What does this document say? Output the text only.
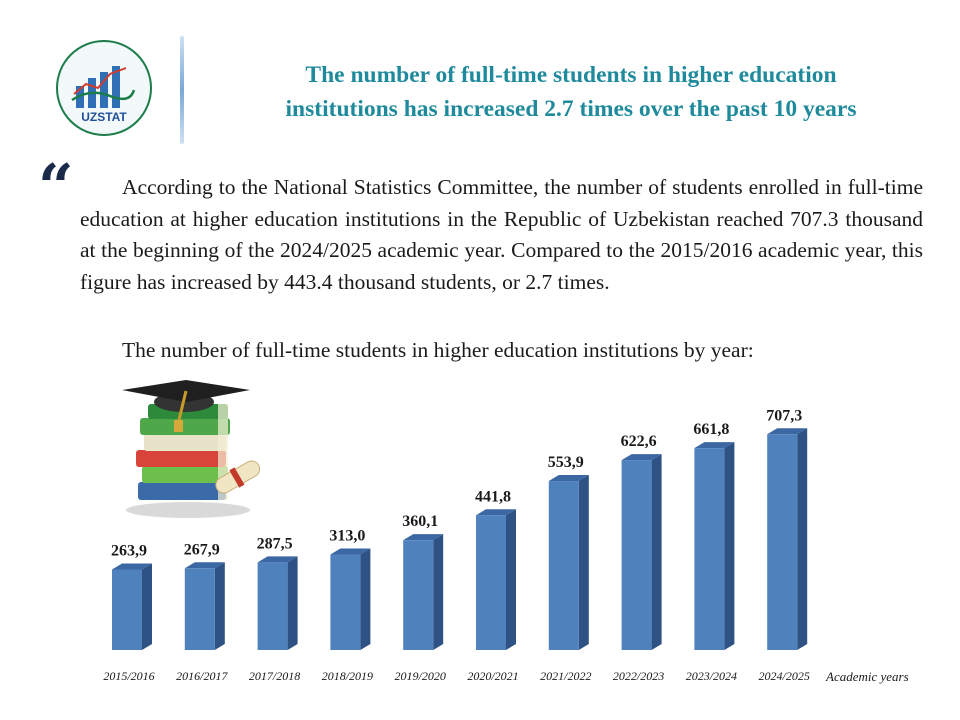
UZSTAT
The number of full-time students in higher education
institutions has increased 2.7 times over the past 10 years
“	According to the National Statistics Committee, the number of students enrolled in full-time education at higher education institutions in the Republic of Uzbekistan reached 707.3 thousand at the beginning of the 2024/2025 academic year. Compared to the 2015/2016 academic year, this figure has increased by 443.4 thousand students, or 2.7 times.

The number of full-time students in higher education institutions by year:

263,9
2015/2016
267,9
2016/2017
287,5
2017/2018
313,0
2018/2019
360,1
2019/2020
441,8
2020/2021
553,9
2021/2022
622,6
2022/2023
661,8
2023/2024
707,3
2024/2025 Academic years
